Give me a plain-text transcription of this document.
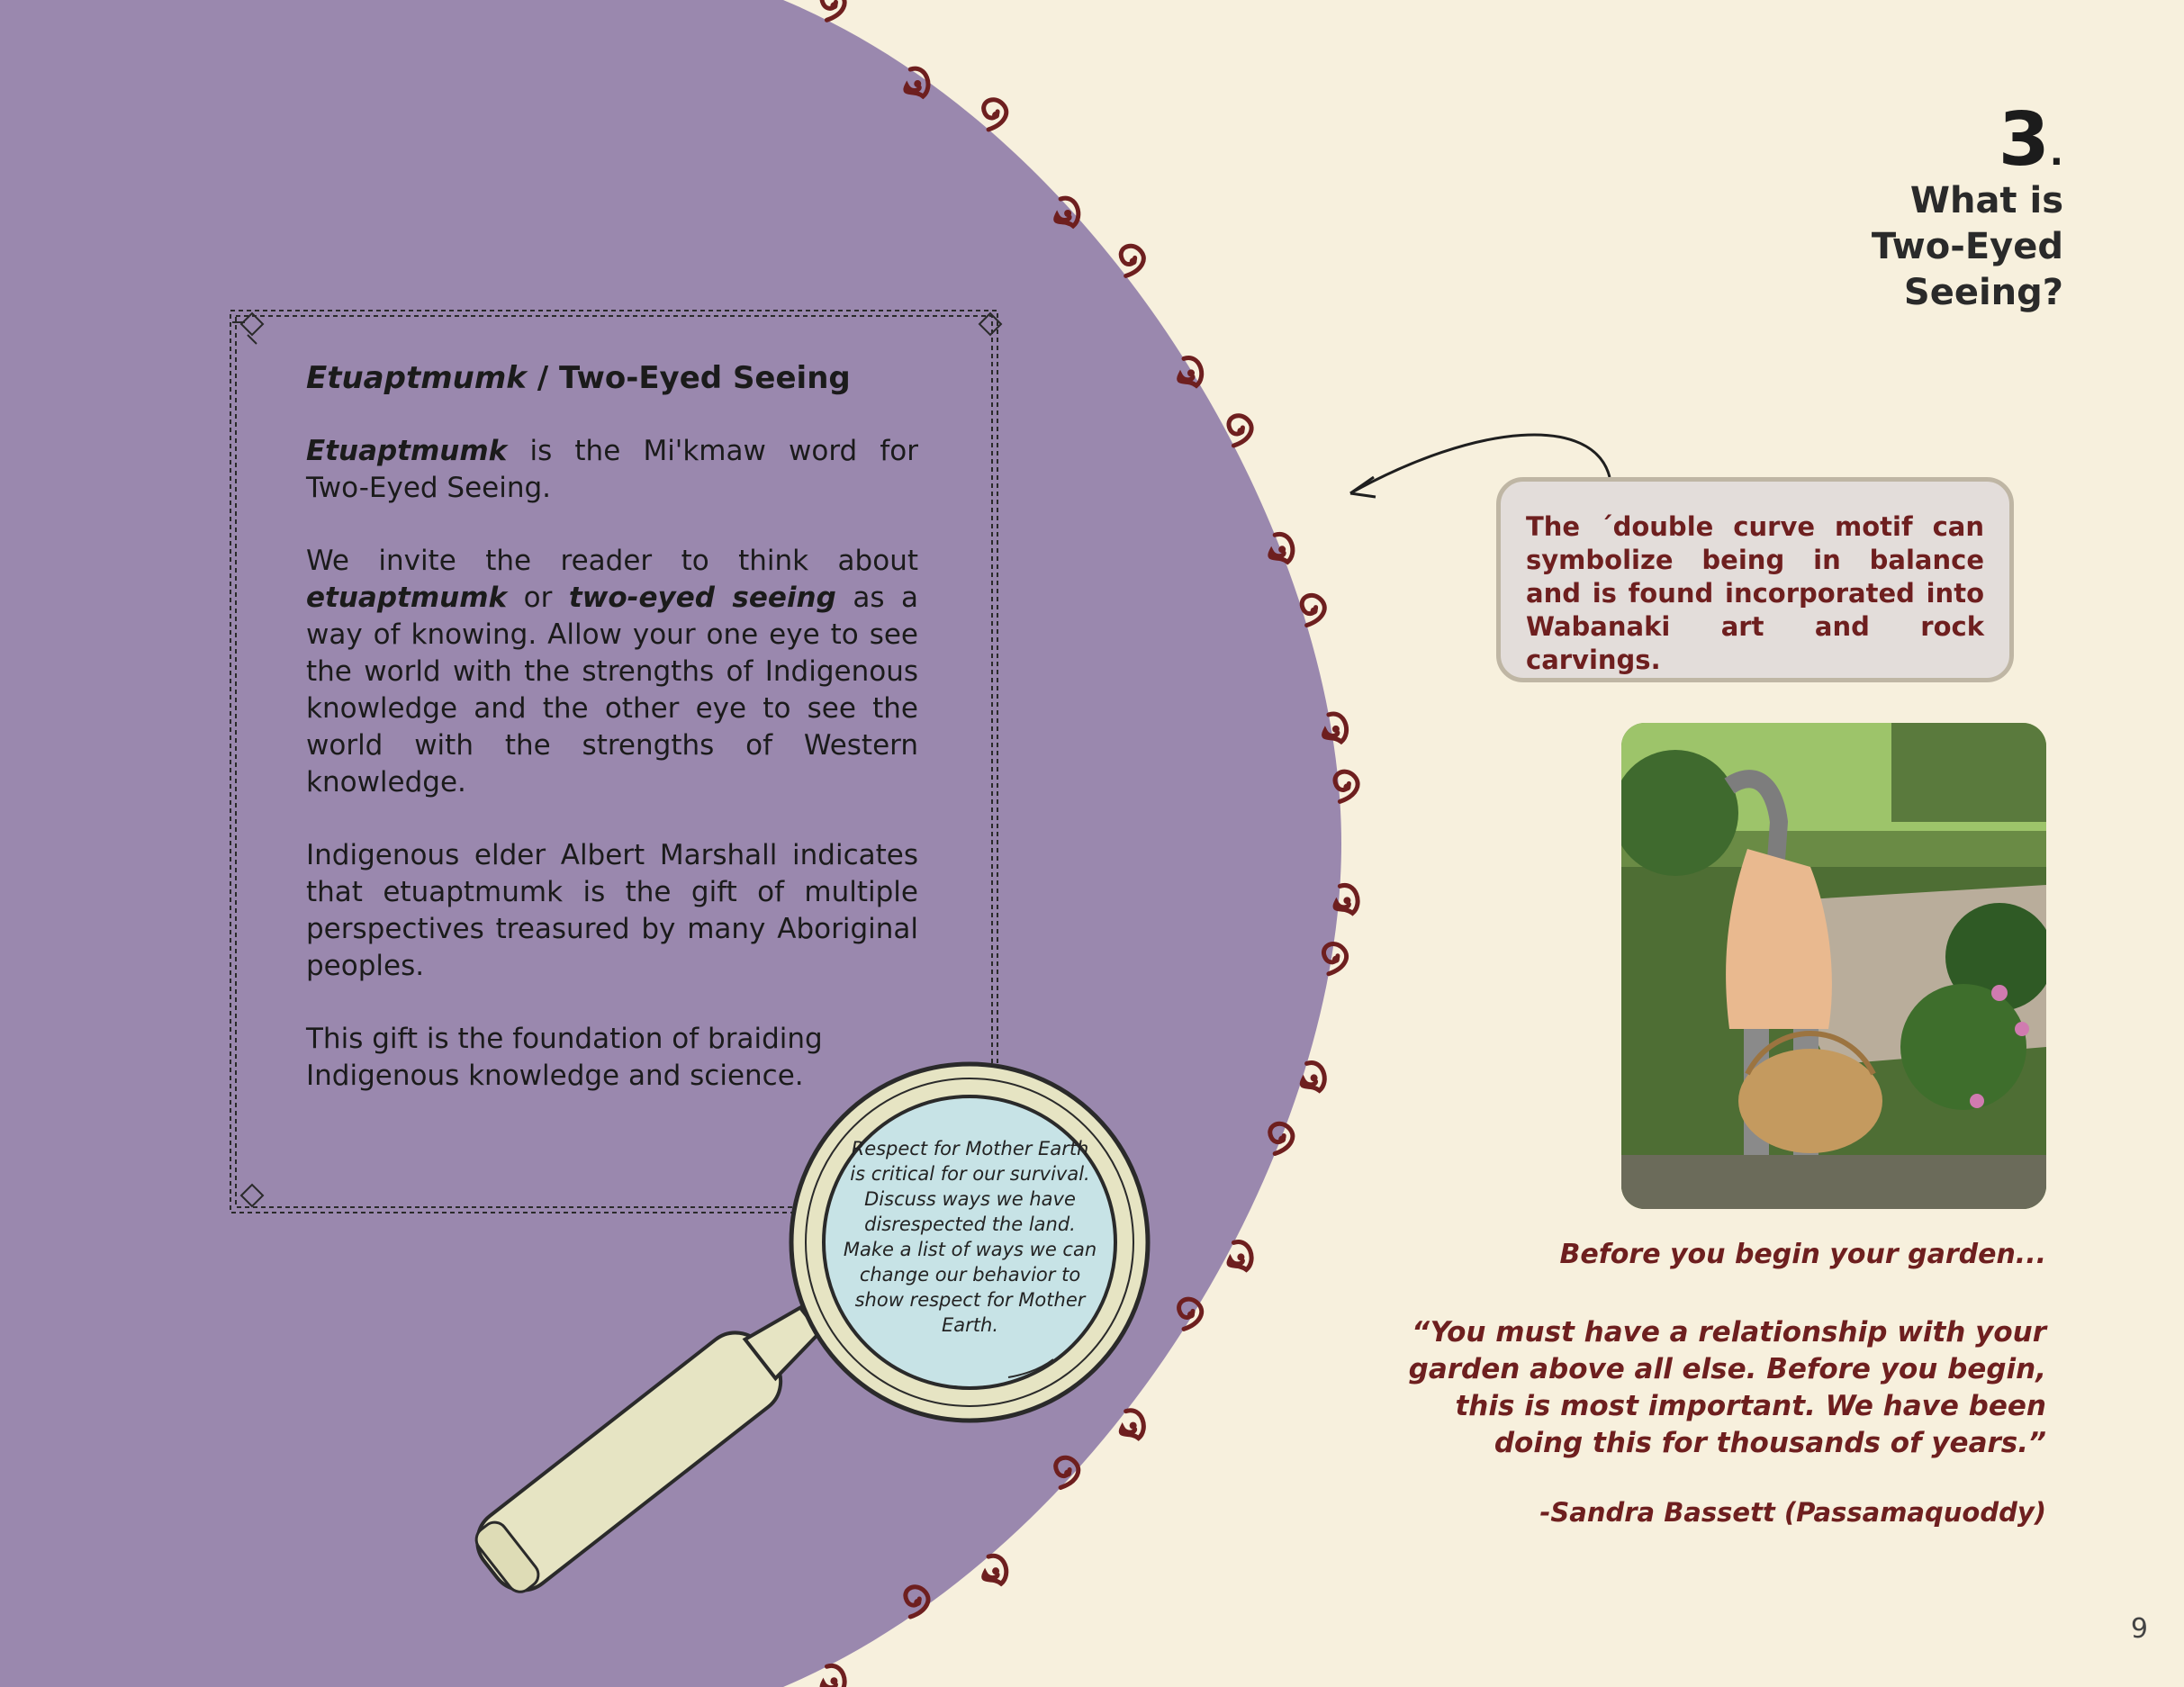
Etuaptmumk / Two-Eyed Seeing

Etuaptmumk is the Mi'kmaw word for Two-Eyed Seeing.

We invite the reader to think about etuaptmumk or two-eyed seeing as a way of knowing. Allow your one eye to see the world with the strengths of Indigenous knowledge and the other eye to see the world with the strengths of Western knowledge.

Indigenous elder Albert Marshall indicates that etuaptmumk is the gift of multiple perspectives treasured by many Aboriginal peoples.

This gift is the foundation of braiding Indigenous knowledge and science.

Respect for Mother Earth is critical for our survival. Discuss ways we have disrespected the land. Make a list of ways we can change our behavior to show respect for Mother Earth.
3.
What is Two-Eyed Seeing?
The ´double curve motif can symbolize being in balance and is found incorporated into Wabanaki art and rock carvings.
Before you begin your garden...
“You must have a relationship with your garden above all else. Before you begin, this is most important. We have been doing this for thousands of years.”
-Sandra Bassett (Passamaquoddy)
9
